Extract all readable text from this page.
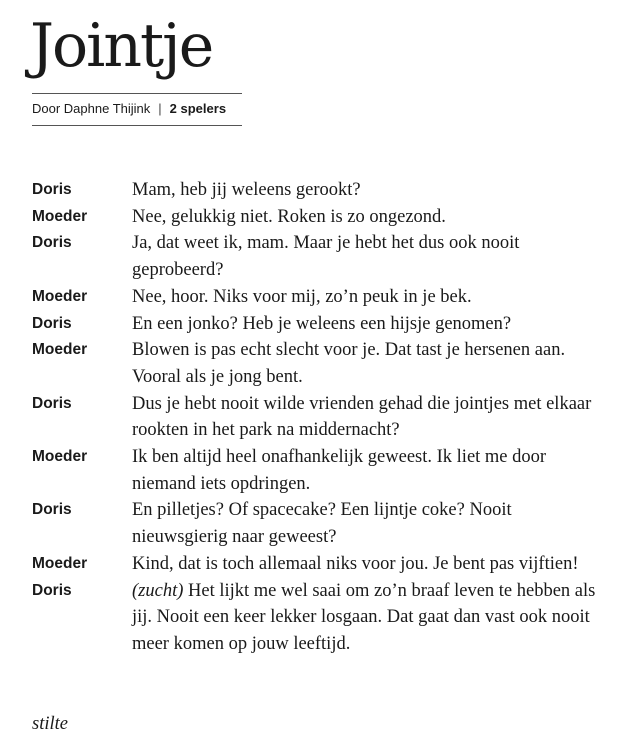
Jointje
Door Daphne Thijink | 2 spelers
Doris	Mam, heb jij weleens gerookt?
Moeder	Nee, gelukkig niet. Roken is zo ongezond.
Doris	Ja, dat weet ik, mam. Maar je hebt het dus ook nooit geprobeerd?
Moeder	Nee, hoor. Niks voor mij, zo’n peuk in je bek.
Doris	En een jonko? Heb je weleens een hijsje genomen?
Moeder	Blowen is pas echt slecht voor je. Dat tast je hersenen aan. Vooral als je jong bent.
Doris	Dus je hebt nooit wilde vrienden gehad die jointjes met elkaar rookten in het park na middernacht?
Moeder	Ik ben altijd heel onafhankelijk geweest. Ik liet me door niemand iets opdringen.
Doris	En pilletjes? Of spacecake? Een lijntje coke? Nooit nieuwsgierig naar geweest?
Moeder	Kind, dat is toch allemaal niks voor jou. Je bent pas vijftien!
Doris	(zucht) Het lijkt me wel saai om zo’n braaf leven te hebben als jij. Nooit een keer lekker losgaan. Dat gaat dan vast ook nooit meer komen op jouw leeftijd.
stilte
